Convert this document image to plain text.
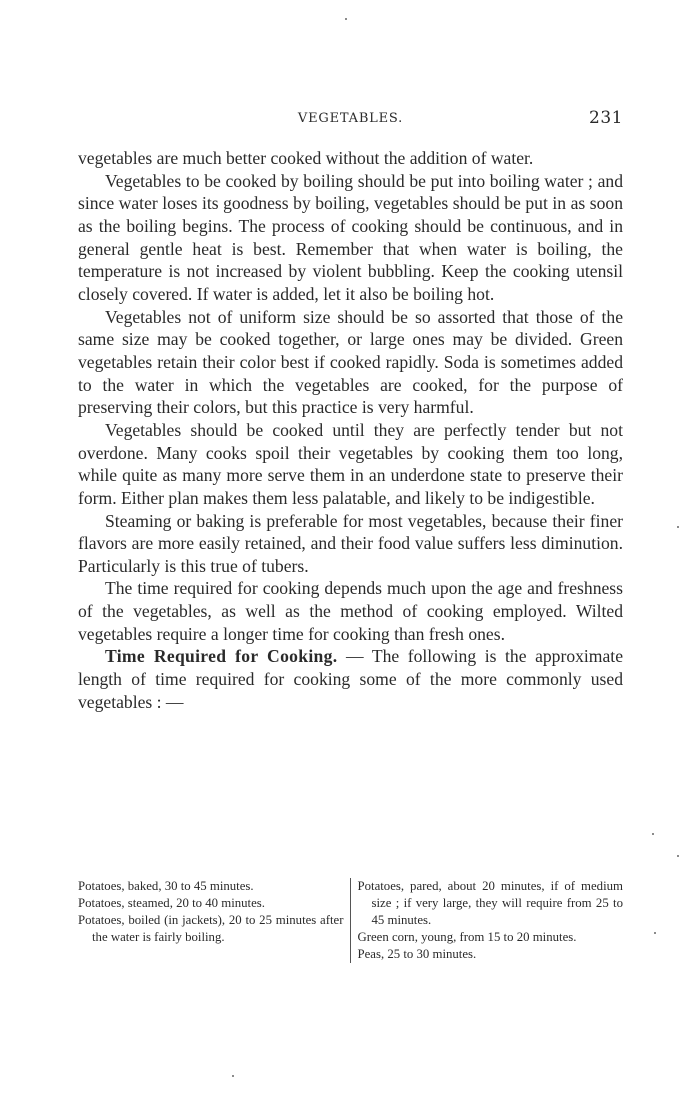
VEGETABLES.	231

vegetables are much better cooked without the addition of water.

Vegetables to be cooked by boiling should be put into boiling water ; and since water loses its goodness by boiling, vegetables should be put in as soon as the boiling begins. The process of cooking should be continuous, and in general gentle heat is best. Remember that when water is boiling, the temperature is not increased by violent bubbling. Keep the cooking utensil closely covered. If water is added, let it also be boiling hot.

Vegetables not of uniform size should be so assorted that those of the same size may be cooked together, or large ones may be divided. Green vegetables retain their color best if cooked rapidly. Soda is sometimes added to the water in which the vegetables are cooked, for the purpose of preserving their colors, but this practice is very harmful.

Vegetables should be cooked until they are perfectly tender but not overdone. Many cooks spoil their vegetables by cooking them too long, while quite as many more serve them in an underdone state to preserve their form. Either plan makes them less palatable, and likely to be indigestible.

Steaming or baking is preferable for most vegetables, because their finer flavors are more easily retained, and their food value suffers less diminution. Particularly is this true of tubers.

The time required for cooking depends much upon the age and freshness of the vegetables, as well as the method of cooking employed. Wilted vegetables require a longer time for cooking than fresh ones.

Time Required for Cooking. — The following is the approximate length of time required for cooking some of the more commonly used vegetables : —

Potatoes, baked, 30 to 45 minutes.

Potatoes, steamed, 20 to 40 minutes.

Potatoes, boiled (in jackets), 20 to 25 minutes after the water is fairly boiling.

Potatoes, pared, about 20 minutes, if of medium size ; if very large, they will require from 25 to 45 minutes.

Green corn, young, from 15 to 20 minutes.

Peas, 25 to 30 minutes.
